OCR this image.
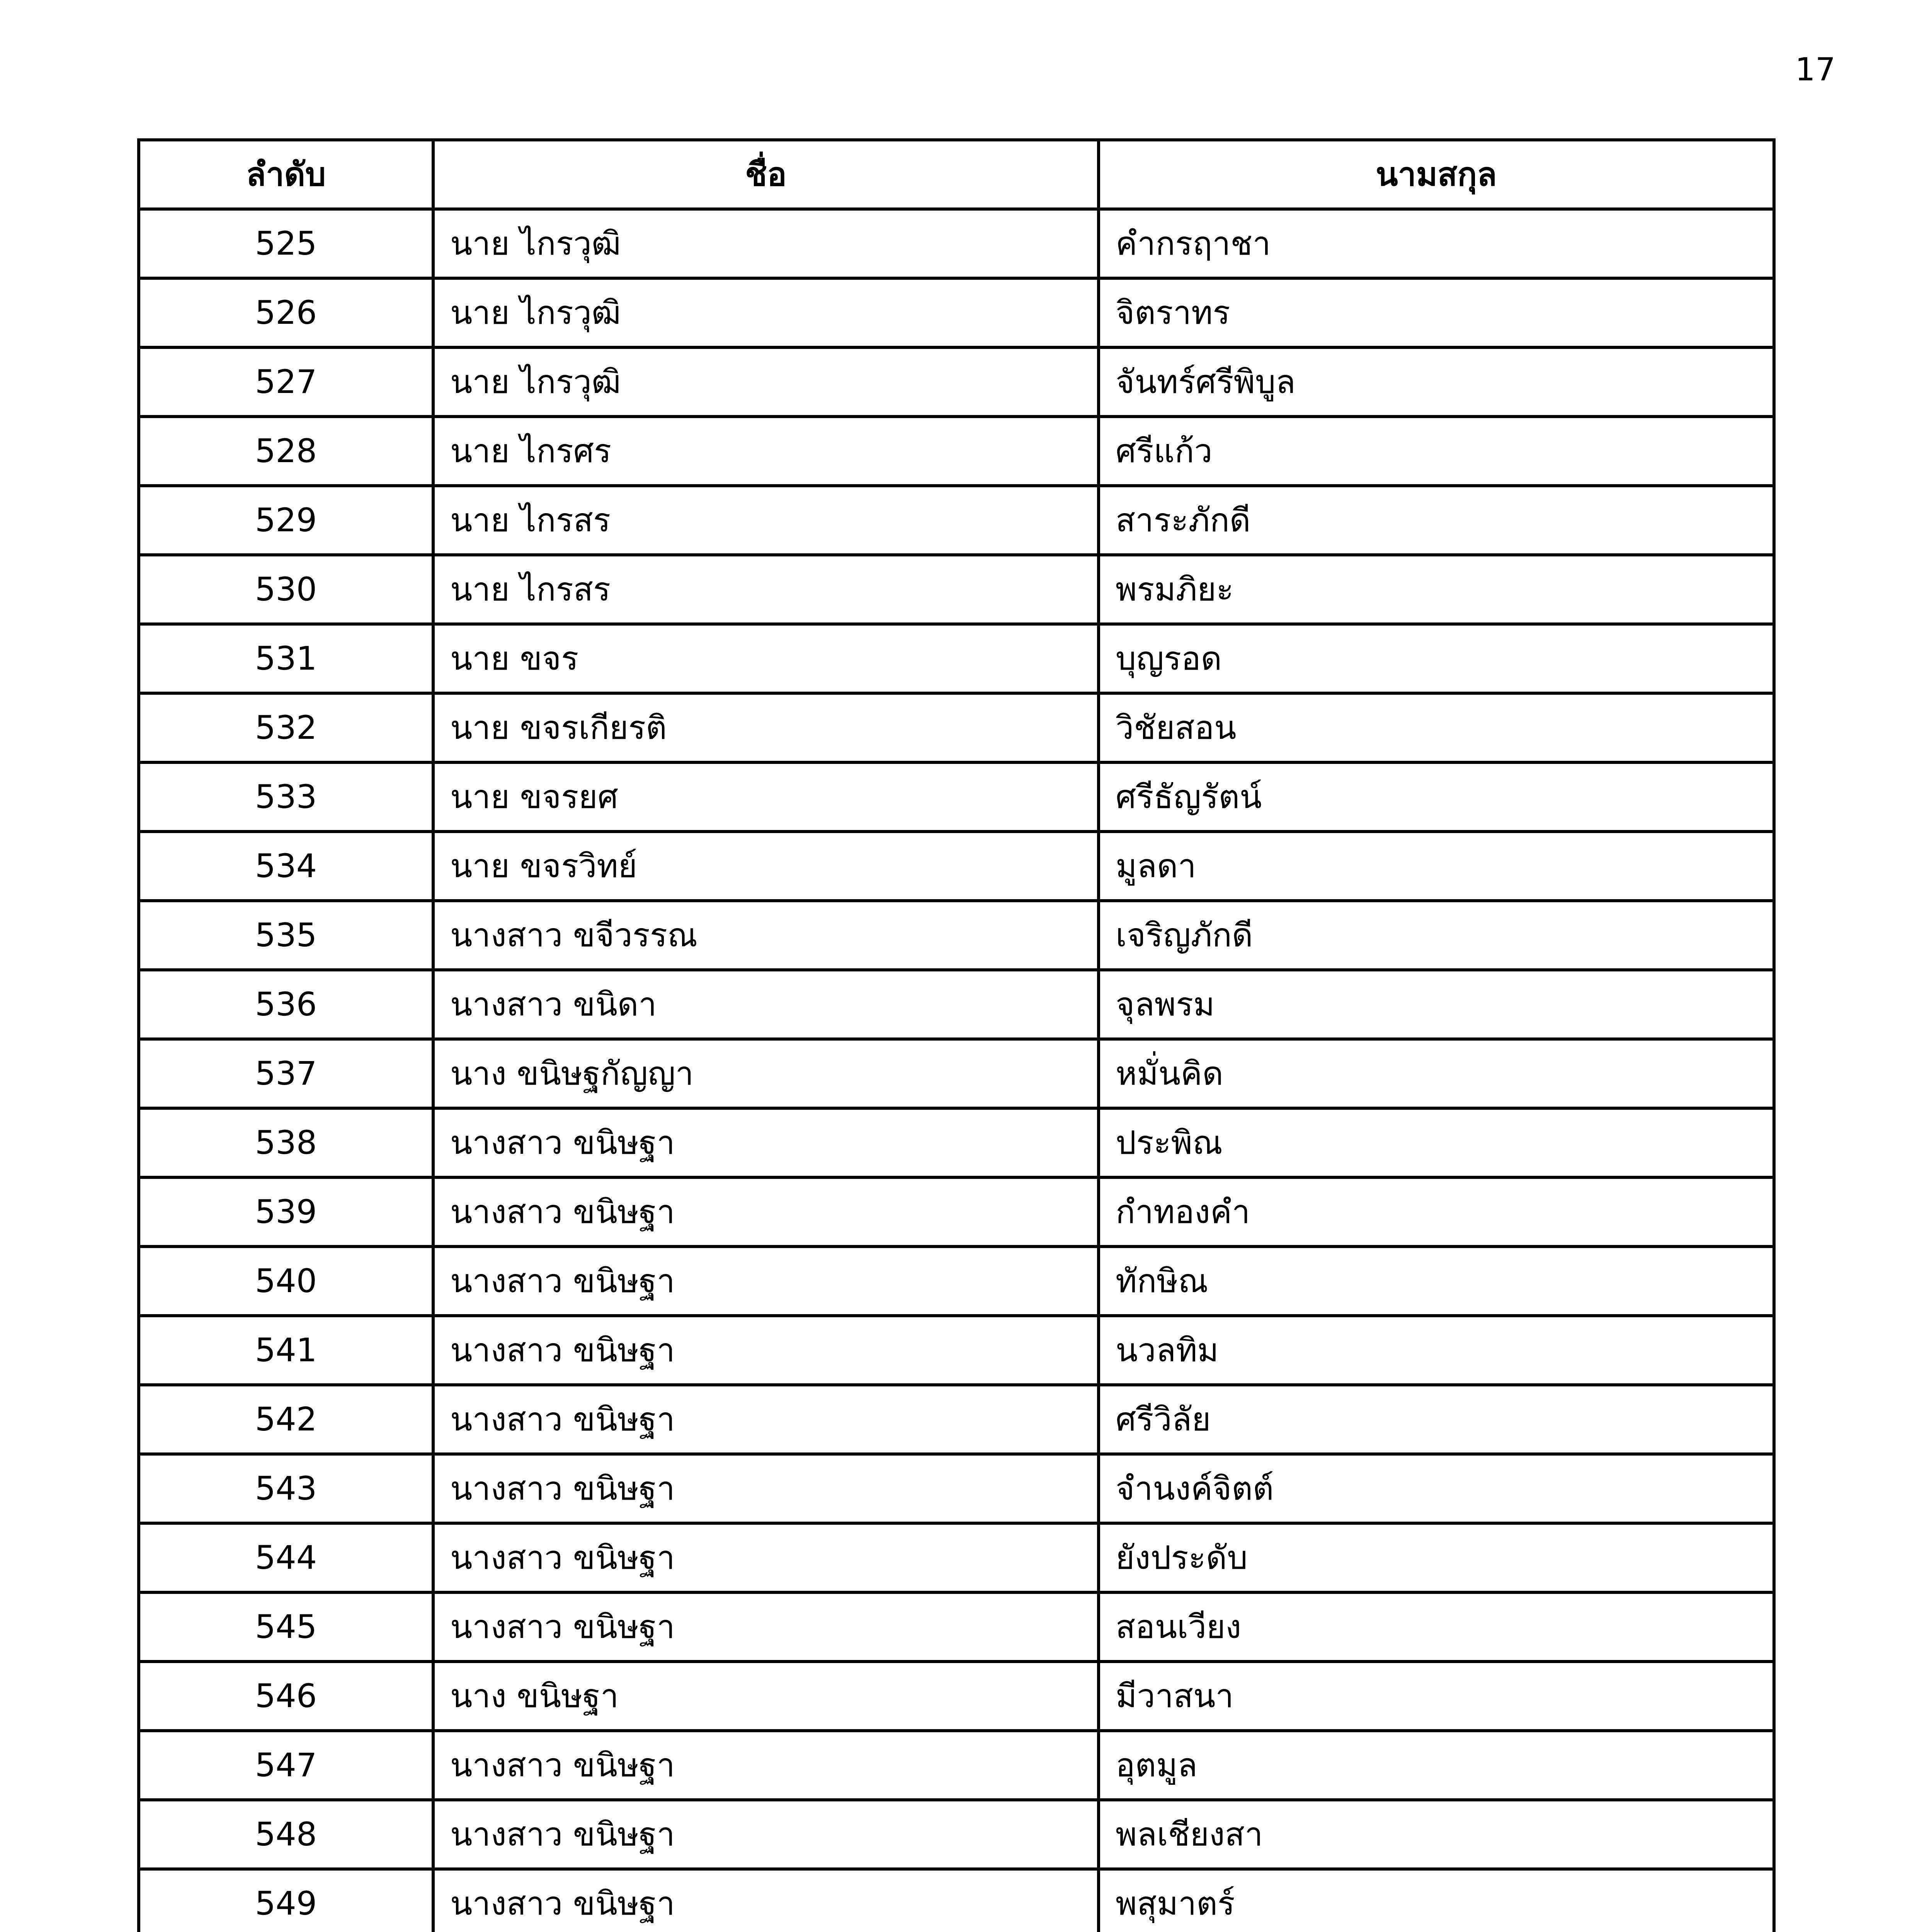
17
ลำดับ	ชื่อ	นามสกุล
525	นาย ไกรวุฒิ	คำกรฤาชา
526	นาย ไกรวุฒิ	จิตราทร
527	นาย ไกรวุฒิ	จันทร์ศรีพิบูล
528	นาย ไกรศร	ศรีแก้ว
529	นาย ไกรสร	สาระภักดี
530	นาย ไกรสร	พรมภิยะ
531	นาย ขจร	บุญรอด
532	นาย ขจรเกียรติ	วิชัยสอน
533	นาย ขจรยศ	ศรีธัญรัตน์
534	นาย ขจรวิทย์	มูลดา
535	นางสาว ขจีวรรณ	เจริญภักดี
536	นางสาว ขนิดา	จุลพรม
537	นาง ขนิษฐกัญญา	หมั่นคิด
538	นางสาว ขนิษฐา	ประพิณ
539	นางสาว ขนิษฐา	กำทองคำ
540	นางสาว ขนิษฐา	ทักษิณ
541	นางสาว ขนิษฐา	นวลทิม
542	นางสาว ขนิษฐา	ศรีวิลัย
543	นางสาว ขนิษฐา	จำนงค์จิตต์
544	นางสาว ขนิษฐา	ยังประดับ
545	นางสาว ขนิษฐา	สอนเวียง
546	นาง ขนิษฐา	มีวาสนา
547	นางสาว ขนิษฐา	อุตมูล
548	นางสาว ขนิษฐา	พลเชียงสา
549	นางสาว ขนิษฐา	พสุมาตร์
